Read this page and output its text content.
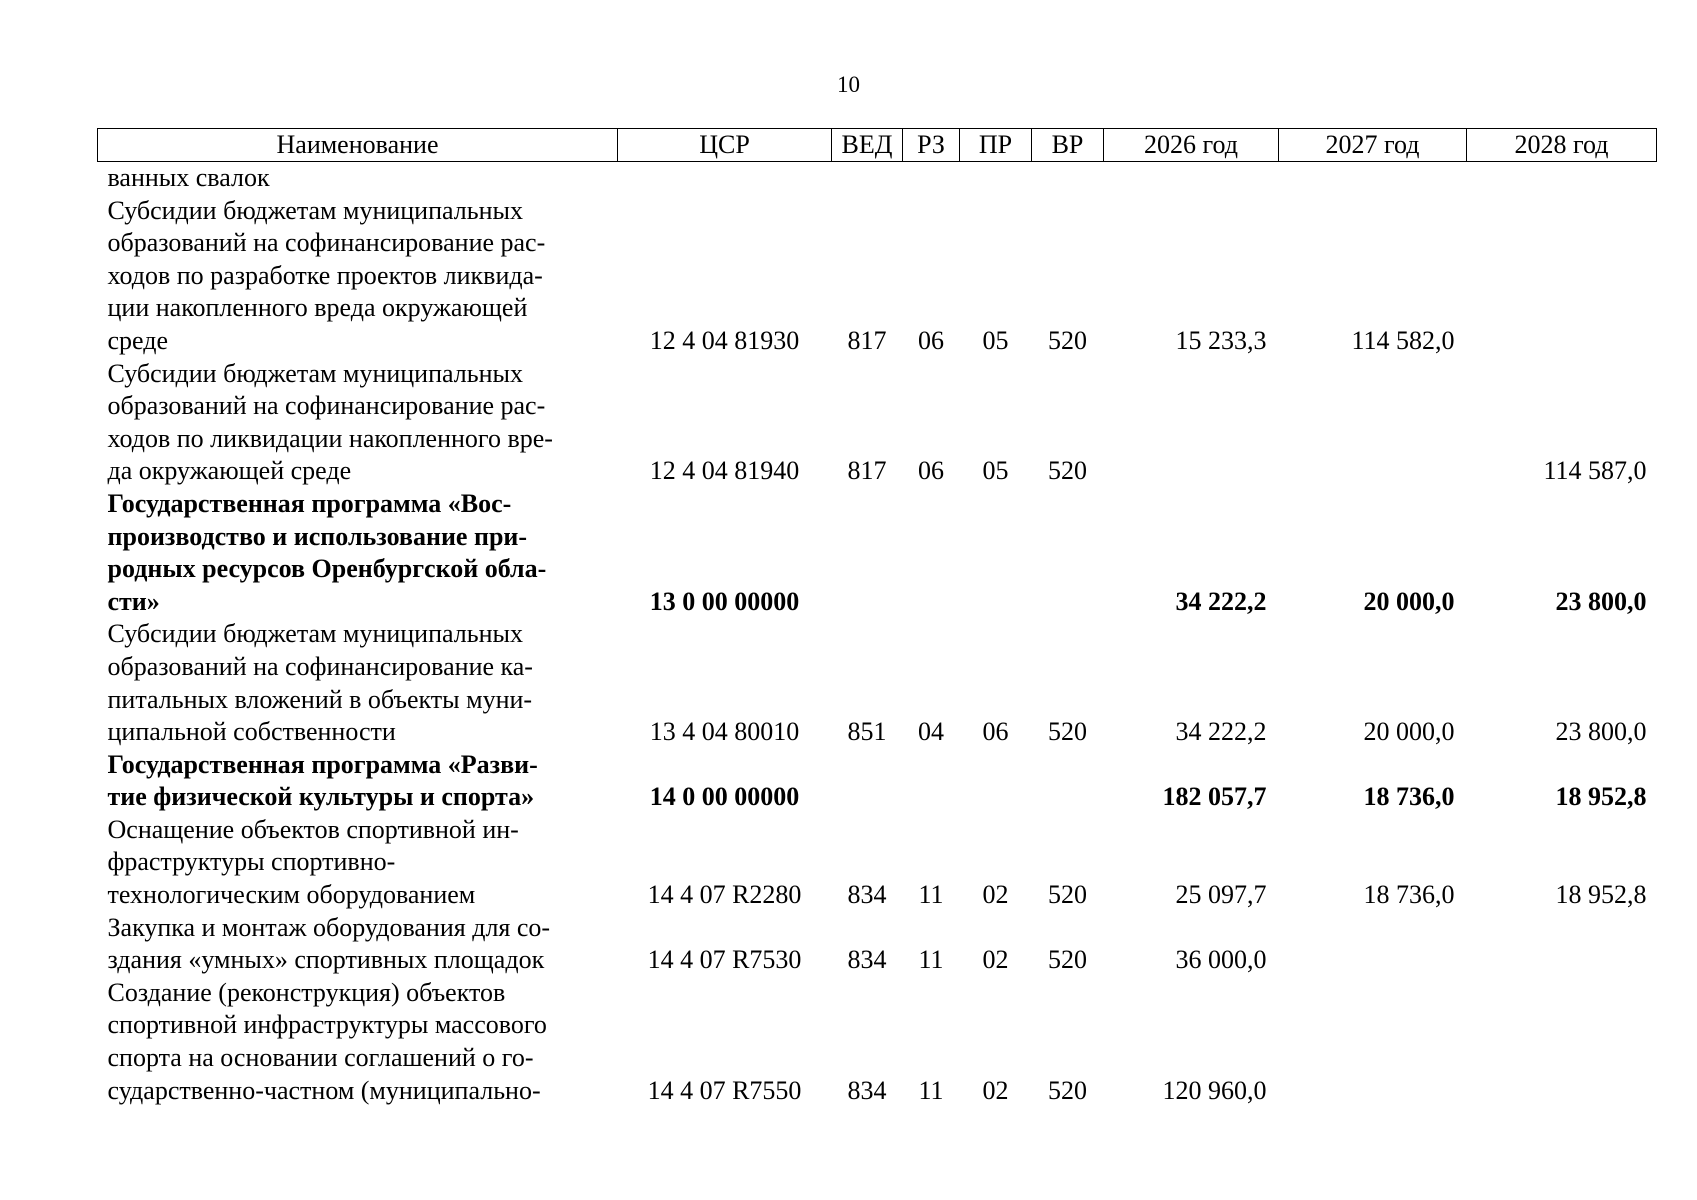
10
Наименование	ЦСР	ВЕД	РЗ	ПР	ВР	2026 год	2027 год	2028 год

ванных свалок								

Субсидии бюджетам муниципальных
образований на софинансирование рас-
ходов по разработке проектов ликвида-
ции накопленного вреда окружающей
среде	12 4 04 81930	817	06	05	520	15 233,3	114 582,0	

Субсидии бюджетам муниципальных
образований на софинансирование рас-
ходов по ликвидации накопленного вре-
да окружающей среде	12 4 04 81940	817	06	05	520			114 587,0

Государственная программа «Вос-
производство и использование при-
родных ресурсов Оренбургской обла-
сти»	13 0 00 00000					34 222,2	20 000,0	23 800,0

Субсидии бюджетам муниципальных
образований на софинансирование ка-
питальных вложений в объекты муни-
ципальной собственности	13 4 04 80010	851	04	06	520	34 222,2	20 000,0	23 800,0

Государственная программа «Разви-
тие физической культуры и спорта»	14 0 00 00000					182 057,7	18 736,0	18 952,8

Оснащение объектов спортивной ин-
фраструктуры спортивно-
технологическим оборудованием	14 4 07 R2280	834	11	02	520	25 097,7	18 736,0	18 952,8

Закупка и монтаж оборудования для со-
здания «умных» спортивных площадок	14 4 07 R7530	834	11	02	520	36 000,0		

Создание (реконструкция) объектов
спортивной инфраструктуры массового
спорта на основании соглашений о го-
сударственно-частном (муниципально-	14 4 07 R7550	834	11	02	520	120 960,0		
